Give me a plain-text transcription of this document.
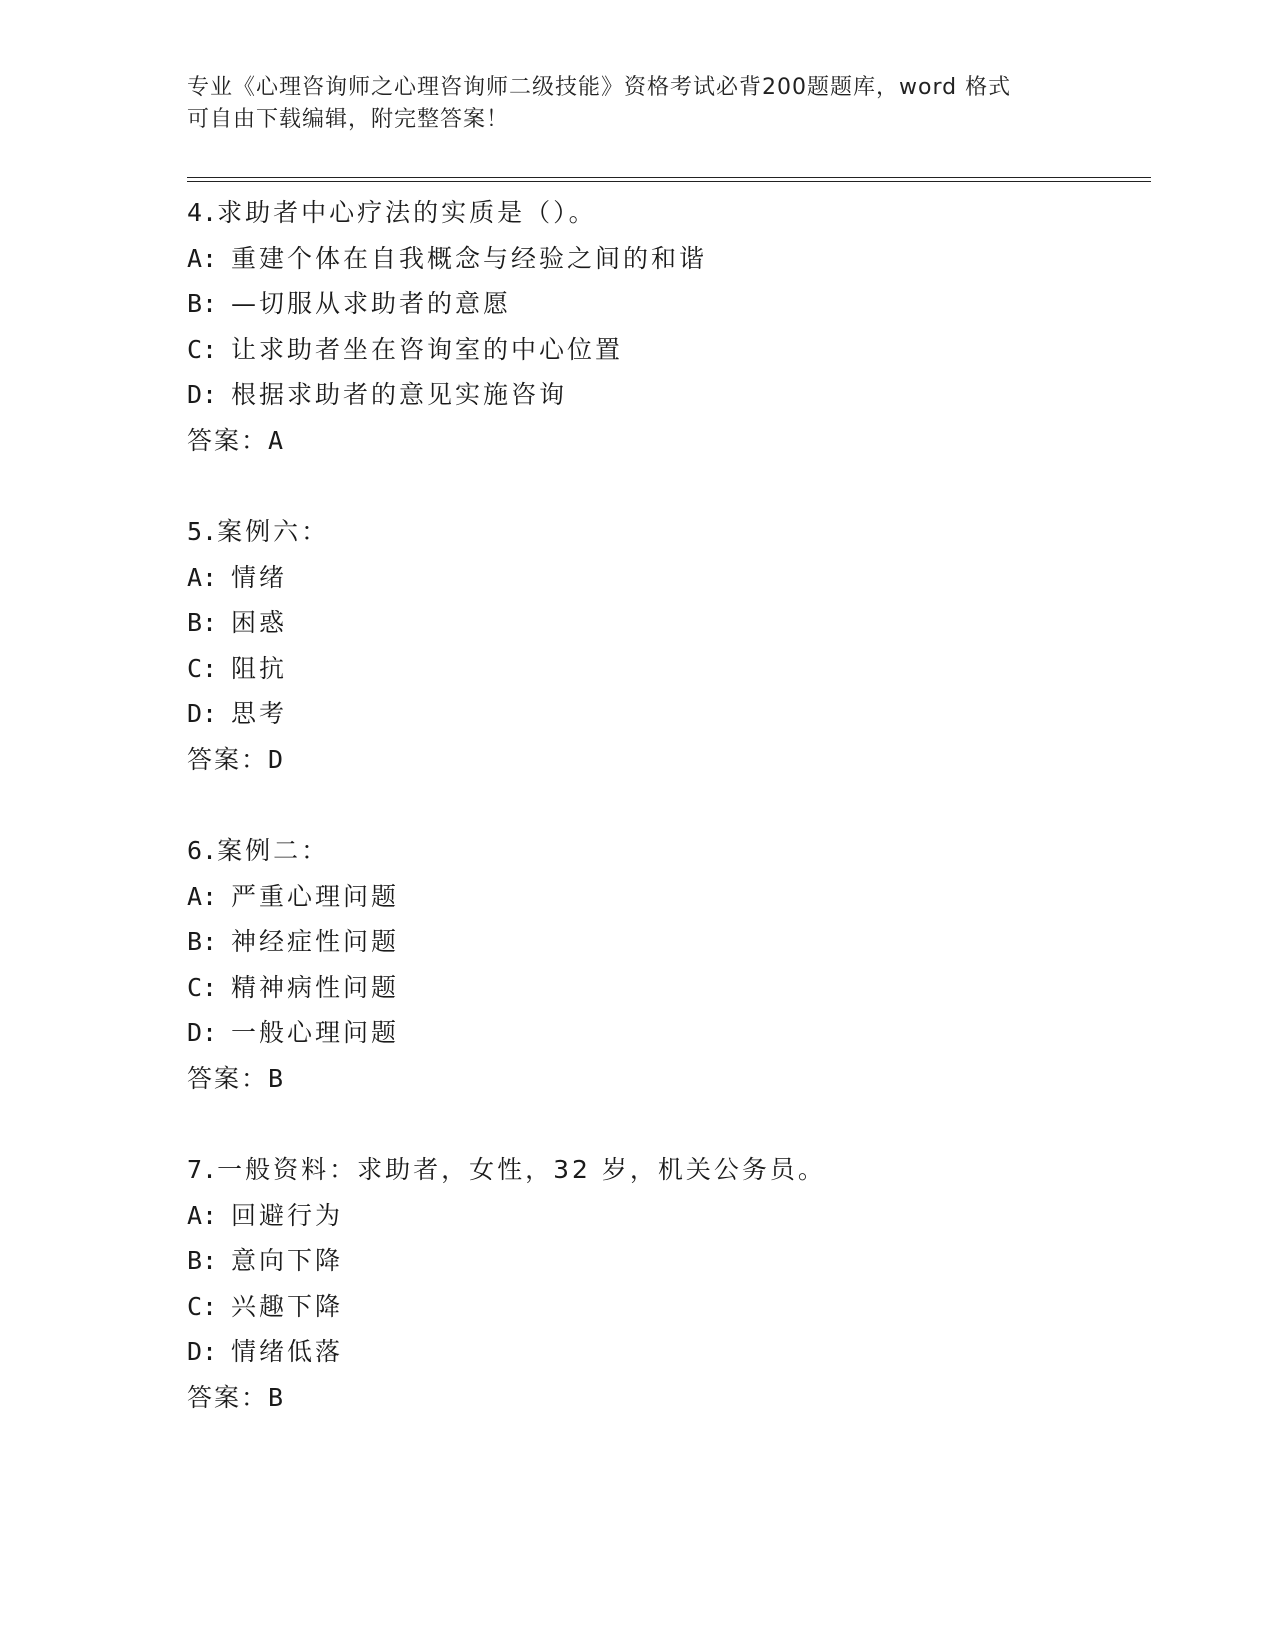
专业《心理咨询师之心理咨询师二级技能》资格考试必背200题题库，word 格式
可自由下载编辑，附完整答案！
4.求助者中心疗法的实质是（）。
A: 重建个体在自我概念与经验之间的和谐
B: —切服从求助者的意愿
C: 让求助者坐在咨询室的中心位置
D: 根据求助者的意见实施咨询
答案：A
5.案例六：
A: 情绪
B: 困惑
C: 阻抗
D: 思考
答案：D
6.案例二：
A: 严重心理问题
B: 神经症性问题
C: 精神病性问题
D: 一般心理问题
答案：B
7.一般资料：求助者，女性，32 岁，机关公务员。
A: 回避行为
B: 意向下降
C: 兴趣下降
D: 情绪低落
答案：B
